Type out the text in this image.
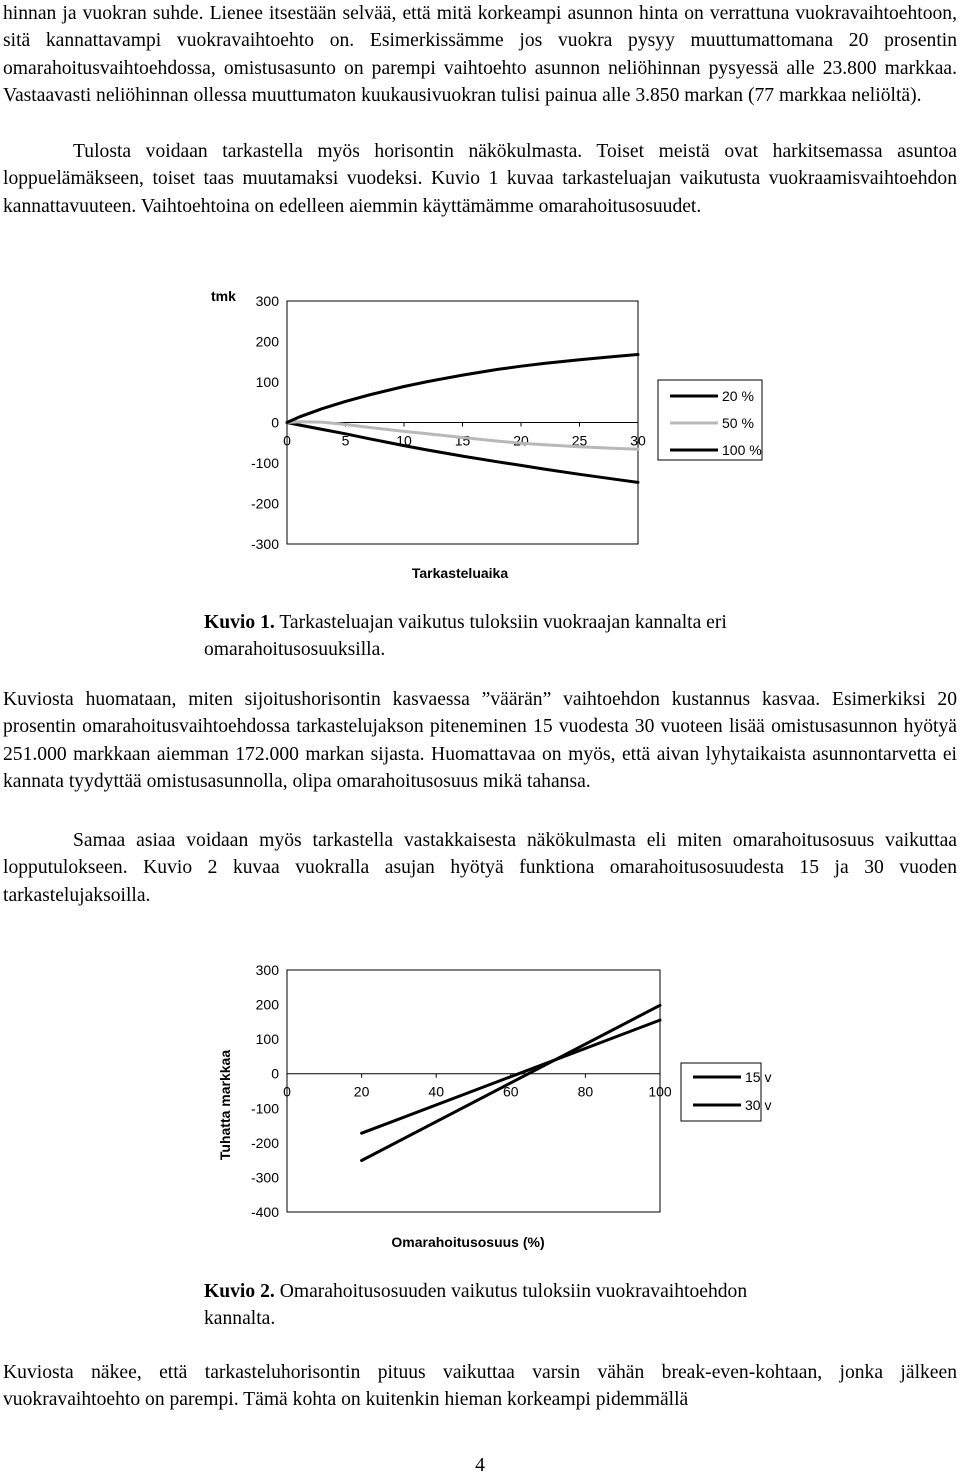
hinnan ja vuokran suhde. Lienee itsestään selvää, että mitä korkeampi asunnon hinta on verrattuna vuokravaihtoehtoon, sitä kannattavampi vuokravaihtoehto on. Esimerkissämme jos vuokra pysyy muuttumattomana 20 prosentin omarahoitusvaihtoehdossa, omistusasunto on parempi vaihtoehto asunnon neliöhinnan pysyessä alle 23.800 markkaa. Vastaavasti neliöhinnan ollessa muuttumaton kuukausivuokran tulisi painua alle 3.850 markan (77 markkaa neliöltä).

Tulosta voidaan tarkastella myös horisontin näkökulmasta. Toiset meistä ovat harkitsemassa asuntoa loppuelämäkseen, toiset taas muutamaksi vuodeksi. Kuvio 1 kuvaa tarkasteluajan vaikutusta vuokraamisvaihtoehdon kannattavuuteen. Vaihtoehtoina on edelleen aiemmin käyttämämme omarahoitusosuudet.

300
200
100
0
-100
-200
-300
0	5	10	15	20	25	30
20 %
50 %
100 %
tmk
Tarkasteluaika
Kuvio 1. Tarkasteluajan vaikutus tuloksiin vuokraajan kannalta eri omarahoitusosuuksilla.

Kuviosta huomataan, miten sijoitushorisontin kasvaessa ”väärän” vaihtoehdon kustannus kasvaa. Esimerkiksi 20 prosentin omarahoitusvaihtoehdossa tarkastelujakson piteneminen 15 vuodesta 30 vuoteen lisää omistusasunnon hyötyä 251.000 markkaan aiemman 172.000 markan sijasta. Huomattavaa on myös, että aivan lyhytaikaista asunnontarvetta ei kannata tyydyttää omistusasunnolla, olipa omarahoitusosuus mikä tahansa.

Samaa asiaa voidaan myös tarkastella vastakkaisesta näkökulmasta eli miten omarahoitusosuus vaikuttaa lopputulokseen. Kuvio 2 kuvaa vuokralla asujan hyötyä funktiona omarahoitusosuudesta 15 ja 30 vuoden tarkastelujaksoilla.

300
200
100
0
-100
-200
-300
-400
0	20	40	60	80	100
15 v
30 v
Tuhatta markkaa
Omarahoitusosuus (%)
Kuvio 2. Omarahoitusosuuden vaikutus tuloksiin vuokravaihtoehdon kannalta.

Kuviosta näkee, että tarkasteluhorisontin pituus vaikuttaa varsin vähän break-even-kohtaan, jonka jälkeen vuokravaihtoehto on parempi. Tämä kohta on kuitenkin hieman korkeampi pidemmällä

4
